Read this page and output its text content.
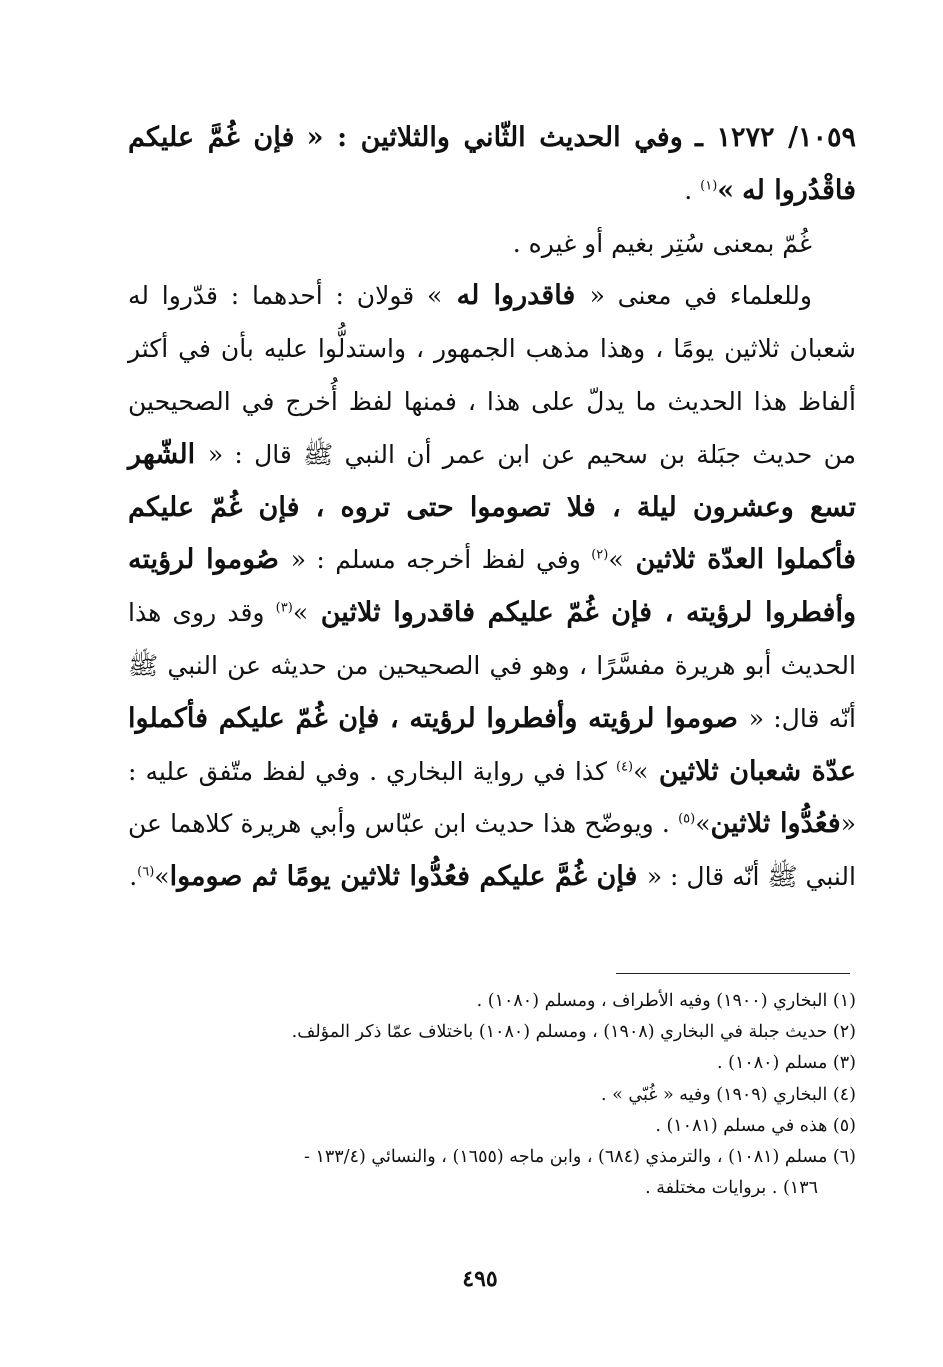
١٠٥٩/ ١٢٧٢ ـ وفي الحديث الثّاني والثلاثين : « فإن غُمَّ عليكم فاقْدُروا له »$^{(١)}$ .

غُمّ بمعنى سُتِر بغيم أو غيره .

وللعلماء في معنى « فاقدروا له » قولان : أحدهما : قدّروا له شعبان ثلاثين يومًا ، وهذا مذهب الجمهور ، واستدلُّوا عليه بأن في أكثر ألفاظ هذا الحديث ما يدلّ على هذا ، فمنها لفظ أُخرج في الصحيحين من حديث جبَلة بن سحيم عن ابن عمر أن النبي ﷺ قال : « الشّهر تسع وعشرون ليلة ، فلا تصوموا حتى تروه ، فإن غُمّ عليكم فأكملوا العدّة ثلاثين »$^{(٢)}$ وفي لفظ أخرجه مسلم : « صُوموا لرؤيته وأفطروا لرؤيته ، فإن غُمّ عليكم فاقدروا ثلاثين »$^{(٣)}$ وقد روى هذا الحديث أبو هريرة مفسَّرًا ، وهو في الصحيحين من حديثه عن النبي ﷺ أنّه قال: « صوموا لرؤيته وأفطروا لرؤيته ، فإن غُمّ عليكم فأكملوا عدّة شعبان ثلاثين »$^{(٤)}$ كذا في رواية البخاري . وفي لفظ متّفق عليه : «فعُدُّوا ثلاثين»$^{(٥)}$ . ويوضّح هذا حديث ابن عبّاس وأبي هريرة كلاهما عن النبي ﷺ أنّه قال : « فإن غُمَّ عليكم فعُدُّوا ثلاثين يومًا ثم صوموا»$^{(٦)}$.

(١) البخاري (١٩٠٠) وفيه الأطراف ، ومسلم (١٠٨٠) .

(٢) حديث جبلة في البخاري (١٩٠٨) ، ومسلم (١٠٨٠) باختلاف عمّا ذكر المؤلف.

(٣) مسلم (١٠٨٠) .

(٤) البخاري (١٩٠٩) وفيه « غُبّي » .

(٥) هذه في مسلم (١٠٨١) .

(٦) مسلم (١٠٨١) ، والترمذي (٦٨٤) ، وابن ماجه (١٦٥٥) ، والنسائي (١٣٣/٤ -

١٣٦) . بروايات مختلفة .

٤٩٥
